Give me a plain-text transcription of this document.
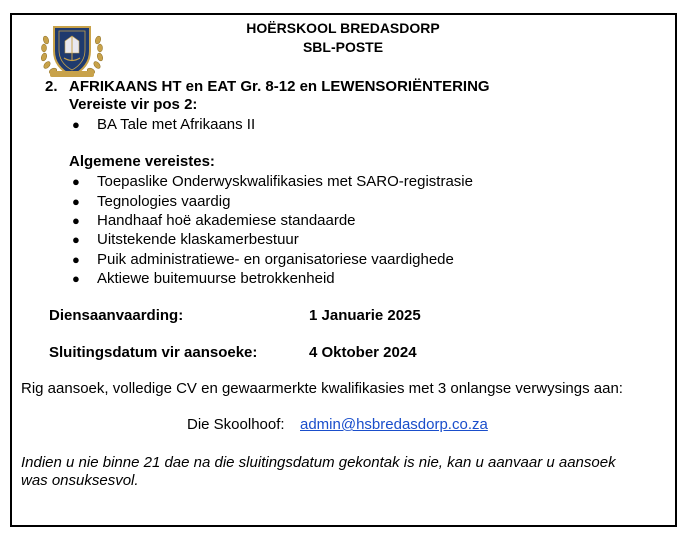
HOËRSKOOL BREDASDORP
SBL-POSTE
2. AFRIKAANS HT en EAT Gr. 8-12 en LEWENSORIËNTERING
Vereiste vir pos 2:
● BA Tale met Afrikaans II
Algemene vereistes:
● Toepaslike Onderwyskwalifikasies met SARO-registrasie
● Tegnologies vaardig
● Handhaaf hoë akademiese standaarde
● Uitstekende klaskamerbestuur
● Puik administratiewe- en organisatoriese vaardighede
● Aktiewe buitemuurse betrokkenheid
Diensaanvaarding:	1 Januarie 2025
Sluitingsdatum vir aansoeke:	4 Oktober 2024
Rig aansoek, volledige CV en gewaarmerkte kwalifikasies met 3 onlangse verwysings aan:
Die Skoolhoof: admin@hsbredasdorp.co.za
Indien u nie binne 21 dae na die sluitingsdatum gekontak is nie, kan u aanvaar u aansoek
was onsuksesvol.
